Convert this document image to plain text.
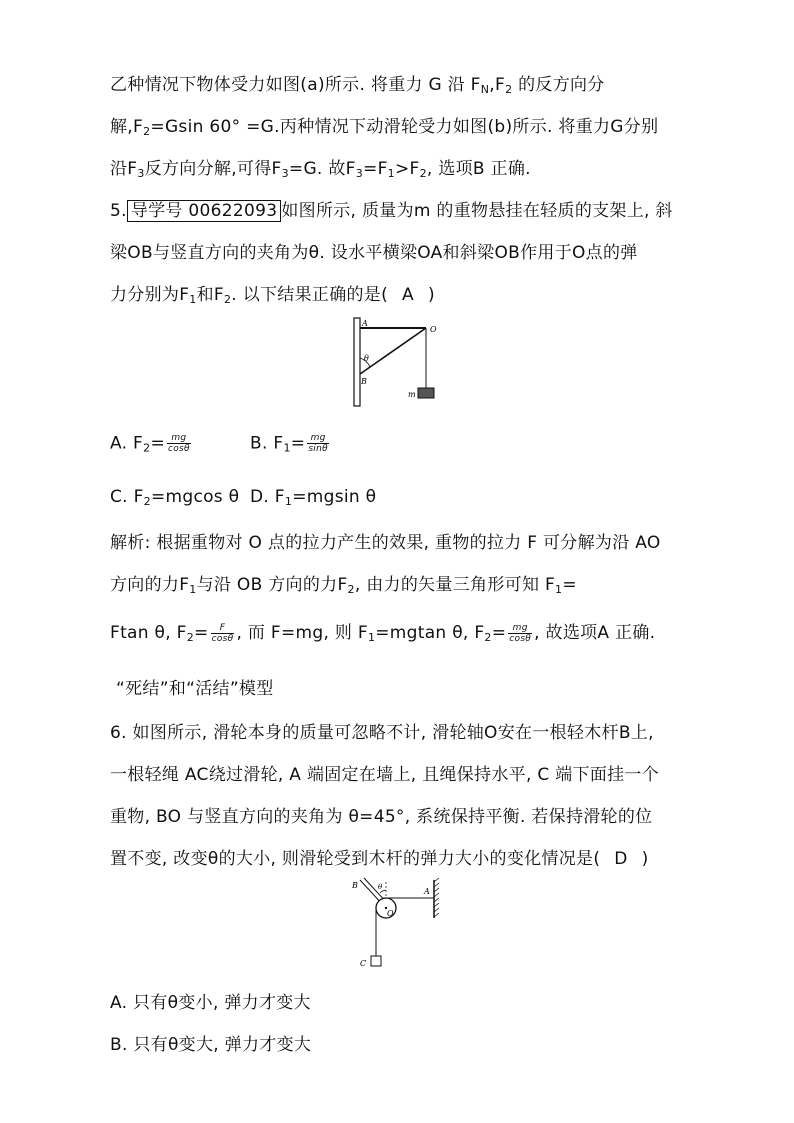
乙种情况下物体受力如图(a)所示. 将重力 G 沿 $F_N,F_2$ 的反方向分
解$,F_2=Gsin$ 60° =G.丙种情况下动滑轮受力如图(b)所示. 将重力G分别
沿$F_3$反方向分解,可得$F_3=G$. 故$F_3=F_1>F_2$, 选项B 正确.
5. 导学号 00622093 如图所示, 质量为m 的重物悬挂在轻质的支架上, 斜
梁OB与竖直方向的夹角为θ. 设水平横梁OA和斜梁OB作用于O点的弹
力分别为$F_1$和$F_2$. 以下结果正确的是( A )
A
O
θ
B
m
A. $F_2= \frac{mg}{\cos\theta}$	B. $F_1= \frac{mg}{\sin\theta}$
C. $F_2=mgcos$ θ D. $F_1=mgsin$ θ
解析: 根据重物对 O 点的拉力产生的效果, 重物的拉力 F 可分解为沿 AO
方向的力$F_1$与沿 OB 方向的力$F_2$, 由力的矢量三角形可知 $F_1=$
Ftan θ, $F_2= \frac{F}{\cos\theta}$ , 而 F=mg, 则 $F_1=mgtan$ θ, $F_2= \frac{mg}{\cos\theta}$ , 故选项A 正确.
“死结”和“活结”模型
6. 如图所示, 滑轮本身的质量可忽略不计, 滑轮轴O安在一根轻木杆B上,
一根轻绳 AC绕过滑轮, A 端固定在墙上, 且绳保持水平, C 端下面挂一个
重物, BO 与竖直方向的夹角为 θ=45°, 系统保持平衡. 若保持滑轮的位
置不变, 改变θ的大小, 则滑轮受到木杆的弹力大小的变化情况是( D )
B	θ
O
A
C
A. 只有θ变小, 弹力才变大
B. 只有θ变大, 弹力才变大
